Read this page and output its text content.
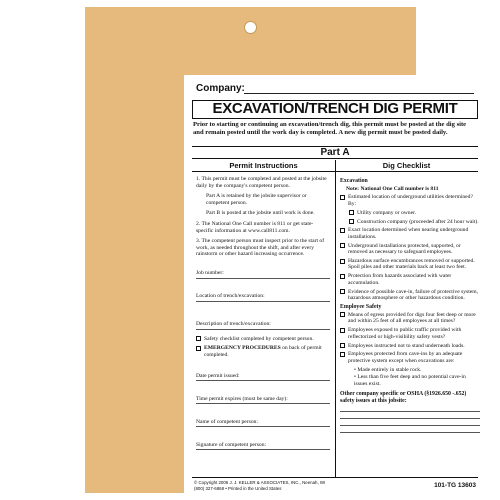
Company:
EXCAVATION/TRENCH DIG PERMIT
Prior to starting or continuing an excavation/trench dig, this permit must be posted at the dig site and remain posted until the work day is completed. A new dig permit must be posted daily.
Part A
Permit Instructions	Dig Checklist
1. This permit must be completed and posted at the jobsite daily by the company's competent person.
Part A is retained by the jobsite supervisor or competent person.
Part B is posted at the jobsite until work is done.
2. The National One Call number is 811 or get state-specific information at www.call811.com.
3. The competent person must inspect prior to the start of work, as needed throughout the shift, and after every rainstorm or other hazard increasing occurrence.
Job number:
Location of trench/excavation:
Description of trench/excavation:
Safety checklist completed by competent person.
EMERGENCY PROCEDURES on back of permit completed.
Date permit issued:
Time permit expires (must be same day):
Name of competent person:
Signature of competent person:
Excavation
Note: National One Call number is 811
Estimated location of underground utilities determined? By:
Utility company or owner.
Construction company (proceeded after 24 hour wait).
Exact location determined when nearing underground installations.
Underground installations protected, supported, or removed as necessary to safeguard employees.
Hazardous surface encumbrances removed or supported. Spoil piles and other materials back at least two feet.
Protection from hazards associated with water accumulation.
Evidence of possible cave-in, failure of protective system, hazardous atmosphere or other hazardous condition.
Employee Safety
Means of egress provided for digs four feet deep or more and within 25 feet of all employees at all times?
Employees exposed to public traffic provided with reflectorized or high-visibility safety vests?
Employees instructed not to stand underneath loads.
Employees protected from cave-ins by an adequate protective system except when excavations are:
• Made entirely in stable rock.
• Less than five feet deep and no potential cave-in issues exist.
Other company specific or OSHA (§1926.650 -.652) safety issues at this jobsite:
© Copyright 2006 J. J. KELLER & ASSOCIATES, INC., Neenah, WI
(800) 327-6868 • Printed in the United States	101-TG 13603
